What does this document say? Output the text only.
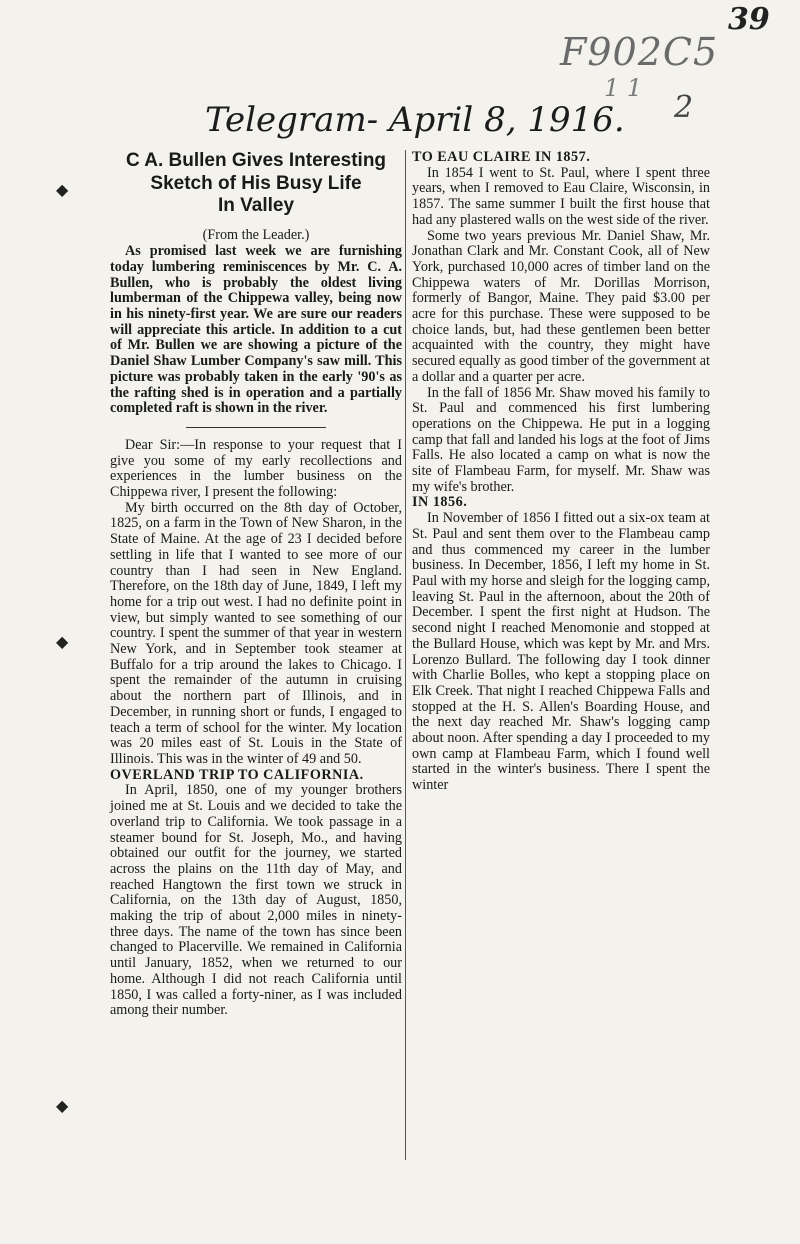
39
F902C5
1 1
2
Telegram- April 8, 1916.
◆
◆
◆
C A. Bullen Gives Interesting
Sketch of His Busy Life
In Valley
(From the Leader.)

As promised last week we are furnishing today lumbering reminiscences by Mr. C. A. Bullen, who is probably the oldest living lumberman of the Chippewa valley, being now in his ninety-first year. We are sure our readers will appreciate this article. In addition to a cut of Mr. Bullen we are showing a picture of the Daniel Shaw Lumber Company's saw mill. This picture was probably taken in the early '90's as the rafting shed is in operation and a partially completed raft is shown in the river.

Dear Sir:—In response to your request that I give you some of my early recollections and experiences in the lumber business on the Chippewa river, I present the following:

My birth occurred on the 8th day of October, 1825, on a farm in the Town of New Sharon, in the State of Maine. At the age of 23 I decided before settling in life that I wanted to see more of our country than I had seen in New England. Therefore, on the 18th day of June, 1849, I left my home for a trip out west. I had no definite point in view, but simply wanted to see something of our country. I spent the summer of that year in western New York, and in September took steamer at Buffalo for a trip around the lakes to Chicago. I spent the remainder of the autumn in cruising about the northern part of Illinois, and in December, in running short or funds, I engaged to teach a term of school for the winter. My location was 20 miles east of St. Louis in the State of Illinois. This was in the winter of 49 and 50.

OVERLAND TRIP TO CALIFORNIA.

In April, 1850, one of my younger brothers joined me at St. Louis and we decided to take the overland trip to California. We took passage in a steamer bound for St. Joseph, Mo., and having obtained our outfit for the journey, we started across the plains on the 11th day of May, and reached Hangtown the first town we struck in California, on the 13th day of August, 1850, making the trip of about 2,000 miles in ninety-three days. The name of the town has since been changed to Placerville. We remained in California until January, 1852, when we returned to our home. Although I did not reach California until 1850, I was called a forty-niner, as I was included among their number.

TO EAU CLAIRE IN 1857.

In 1854 I went to St. Paul, where I spent three years, when I removed to Eau Claire, Wisconsin, in 1857. The same summer I built the first house that had any plastered walls on the west side of the river.

Some two years previous Mr. Daniel Shaw, Mr. Jonathan Clark and Mr. Constant Cook, all of New York, purchased 10,000 acres of timber land on the Chippewa waters of Mr. Dorillas Morrison, formerly of Bangor, Maine. They paid $3.00 per acre for this purchase. These were supposed to be choice lands, but, had these gentlemen been better acquainted with the country, they might have secured equally as good timber of the government at a dollar and a quarter per acre.

In the fall of 1856 Mr. Shaw moved his family to St. Paul and commenced his first lumbering operations on the Chippewa. He put in a logging camp that fall and landed his logs at the foot of Jims Falls. He also located a camp on what is now the site of Flambeau Farm, for myself. Mr. Shaw was my wife's brother.

IN 1856.

In November of 1856 I fitted out a six-ox team at St. Paul and sent them over to the Flambeau camp and thus commenced my career in the lumber business. In December, 1856, I left my home in St. Paul with my horse and sleigh for the logging camp, leaving St. Paul in the afternoon, about the 20th of December. I spent the first night at Hudson. The second night I reached Menomonie and stopped at the Bullard House, which was kept by Mr. and Mrs. Lorenzo Bullard. The following day I took dinner with Charlie Bolles, who kept a stopping place on Elk Creek. That night I reached Chippewa Falls and stopped at the H. S. Allen's Boarding House, and the next day reached Mr. Shaw's logging camp about noon. After spending a day I proceeded to my own camp at Flambeau Farm, which I found well started in the winter's business. There I spent the winter
